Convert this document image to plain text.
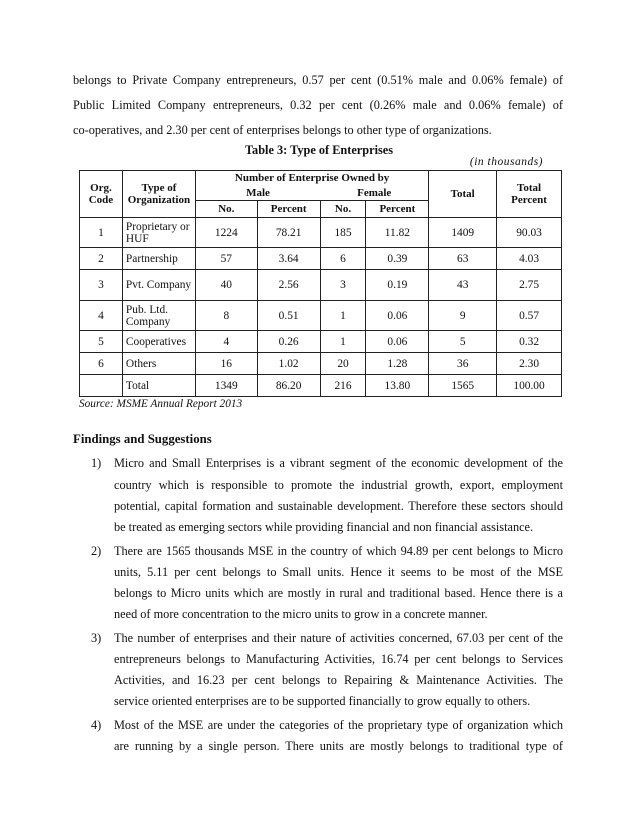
belongs to Private Company entrepreneurs, 0.57 per cent (0.51% male and 0.06% female) of
Public Limited Company entrepreneurs, 0.32 per cent (0.26% male and 0.06% female) of
co-operatives, and 2.30 per cent of enterprises belongs to other type of organizations.
Table 3: Type of Enterprises
(in thousands)
Org. Code	Type of Organization	Number of Enterprise Owned by				Total	Total Percent
		Male		Female			
		No.	Percent	No.	Percent		
1	Proprietary or HUF	1224	78.21	185	11.82	1409	90.03
2	Partnership	57	3.64	6	0.39	63	4.03
3	Pvt. Company	40	2.56	3	0.19	43	2.75
4	Pub. Ltd. Company	8	0.51	1	0.06	9	0.57
5	Cooperatives	4	0.26	1	0.06	5	0.32
6	Others	16	1.02	20	1.28	36	2.30
	Total	1349	86.20	216	13.80	1565	100.00
Source: MSME Annual Report 2013
Findings and Suggestions
1) Micro and Small Enterprises is a vibrant segment of the economic development of the
country which is responsible to promote the industrial growth, export, employment
potential, capital formation and sustainable development. Therefore these sectors should
be treated as emerging sectors while providing financial and non financial assistance.
2) There are 1565 thousands MSE in the country of which 94.89 per cent belongs to Micro
units, 5.11 per cent belongs to Small units. Hence it seems to be most of the MSE
belongs to Micro units which are mostly in rural and traditional based. Hence there is a
need of more concentration to the micro units to grow in a concrete manner.
3) The number of enterprises and their nature of activities concerned, 67.03 per cent of the
entrepreneurs belongs to Manufacturing Activities, 16.74 per cent belongs to Services
Activities, and 16.23 per cent belongs to Repairing & Maintenance Activities. The
service oriented enterprises are to be supported financially to grow equally to others.
4) Most of the MSE are under the categories of the proprietary type of organization which
are running by a single person. There units are mostly belongs to traditional type of
